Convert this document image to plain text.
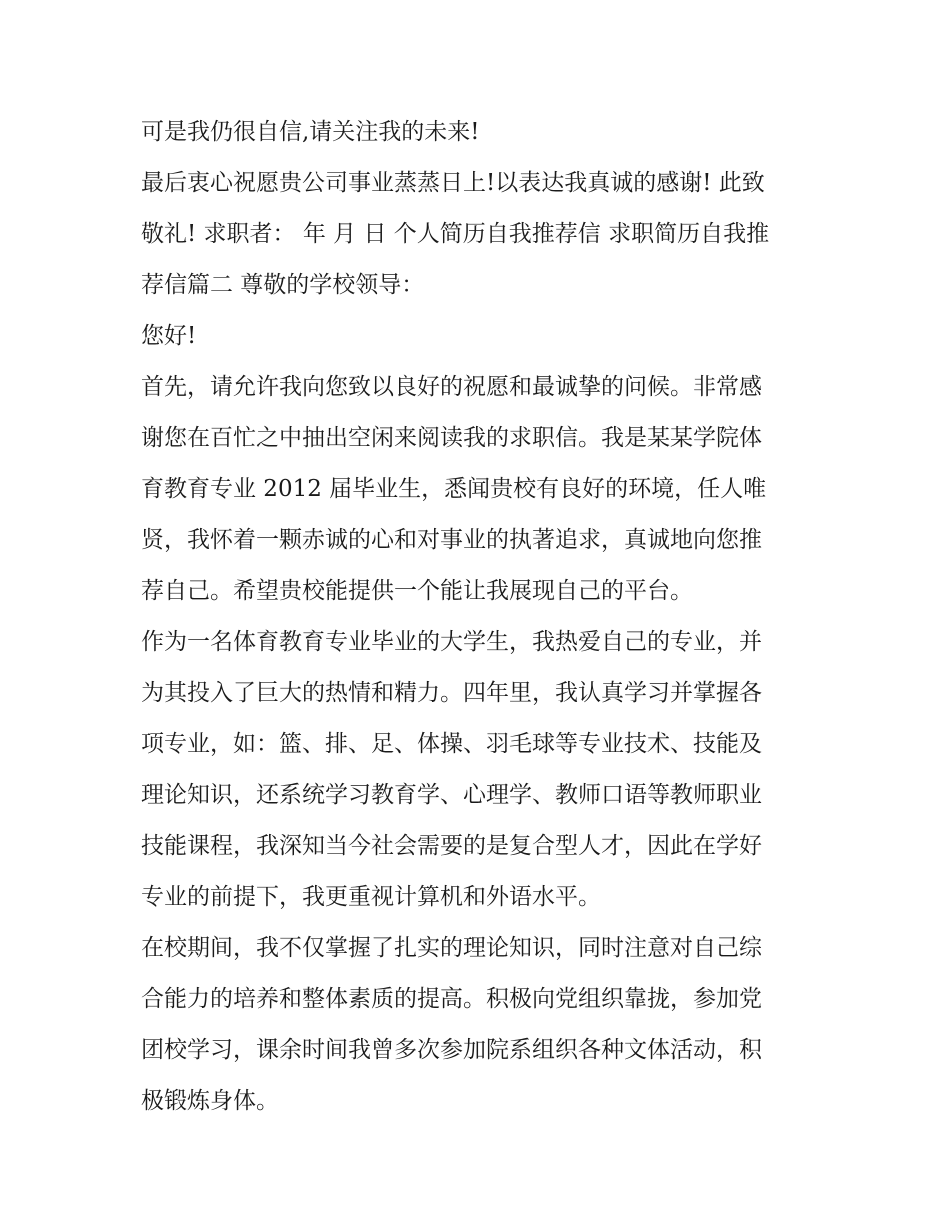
可是我仍很自信,请关注我的未来!
最后衷心祝愿贵公司事业蒸蒸日上!以表达我真诚的感谢! 此致
敬礼! 求职者： 年 月 日 个人简历自我推荐信 求职简历自我推
荐信篇二 尊敬的学校领导：
您好!
首先，请允许我向您致以良好的祝愿和最诚挚的问候。非常感
谢您在百忙之中抽出空闲来阅读我的求职信。我是某某学院体
育教育专业 2012 届毕业生，悉闻贵校有良好的环境，任人唯
贤，我怀着一颗赤诚的心和对事业的执著追求，真诚地向您推
荐自己。希望贵校能提供一个能让我展现自己的平台。
作为一名体育教育专业毕业的大学生，我热爱自己的专业，并
为其投入了巨大的热情和精力。四年里，我认真学习并掌握各
项专业，如：篮、排、足、体操、羽毛球等专业技术、技能及
理论知识，还系统学习教育学、心理学、教师口语等教师职业
技能课程，我深知当今社会需要的是复合型人才，因此在学好
专业的前提下，我更重视计算机和外语水平。
在校期间，我不仅掌握了扎实的理论知识，同时注意对自己综
合能力的培养和整体素质的提高。积极向党组织靠拢，参加党
团校学习，课余时间我曾多次参加院系组织各种文体活动，积
极锻炼身体。
